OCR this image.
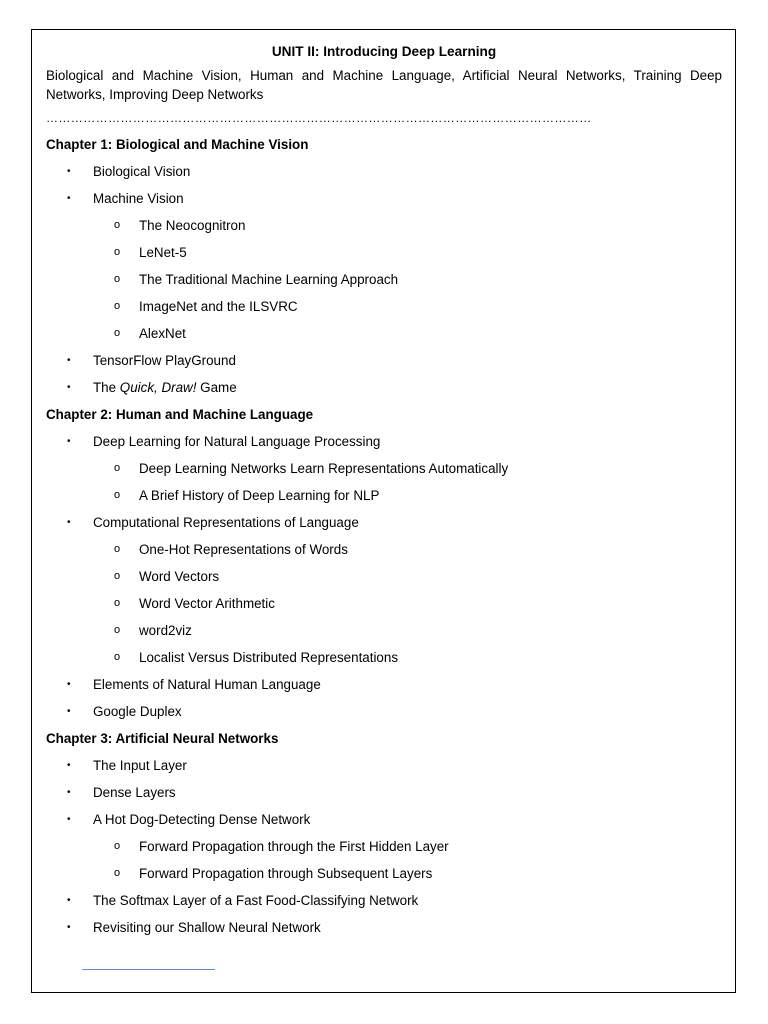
UNIT II: Introducing Deep Learning
Biological and Machine Vision, Human and Machine Language, Artificial Neural Networks, Training Deep Networks, Improving Deep Networks
……………………………………………………………………………………………………………………
Chapter 1: Biological and Machine Vision
• Biological Vision
• Machine Vision
o The Neocognitron
o LeNet-5
o The Traditional Machine Learning Approach
o ImageNet and the ILSVRC
o AlexNet
• TensorFlow PlayGround
• The Quick, Draw! Game
Chapter 2: Human and Machine Language
• Deep Learning for Natural Language Processing
o Deep Learning Networks Learn Representations Automatically
o A Brief History of Deep Learning for NLP
• Computational Representations of Language
o One-Hot Representations of Words
o Word Vectors
o Word Vector Arithmetic
o word2viz
o Localist Versus Distributed Representations
• Elements of Natural Human Language
• Google Duplex
Chapter 3: Artificial Neural Networks
• The Input Layer
• Dense Layers
• A Hot Dog-Detecting Dense Network
o Forward Propagation through the First Hidden Layer
o Forward Propagation through Subsequent Layers
• The Softmax Layer of a Fast Food-Classifying Network
• Revisiting our Shallow Neural Network
